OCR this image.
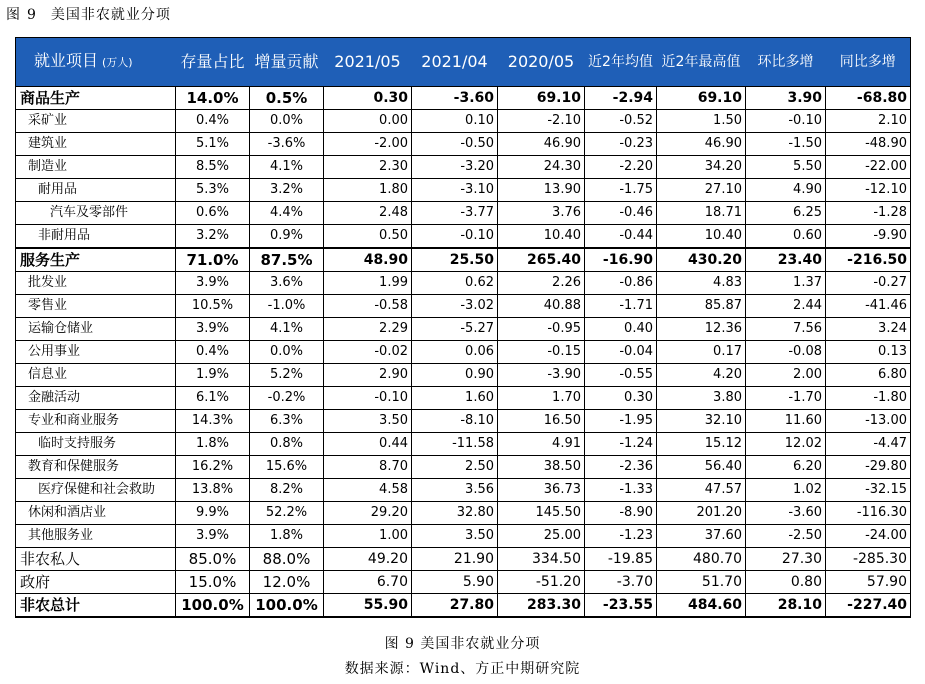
图 9 美国非农就业分项
就业项目 (万人)	存量占比	增量贡献	2021/05	2021/04	2020/05	近2年均值	近2年最高值	环比多增	同比多增
商品生产	14.0%	0.5%	0.30	-3.60	69.10	-2.94	69.10	3.90	-68.80
采矿业	0.4%	0.0%	0.00	0.10	-2.10	-0.52	1.50	-0.10	2.10
建筑业	5.1%	-3.6%	-2.00	-0.50	46.90	-0.23	46.90	-1.50	-48.90
制造业	8.5%	4.1%	2.30	-3.20	24.30	-2.20	34.20	5.50	-22.00
耐用品	5.3%	3.2%	1.80	-3.10	13.90	-1.75	27.10	4.90	-12.10
汽车及零部件	0.6%	4.4%	2.48	-3.77	3.76	-0.46	18.71	6.25	-1.28
非耐用品	3.2%	0.9%	0.50	-0.10	10.40	-0.44	10.40	0.60	-9.90
服务生产	71.0%	87.5%	48.90	25.50	265.40	-16.90	430.20	23.40	-216.50
批发业	3.9%	3.6%	1.99	0.62	2.26	-0.86	4.83	1.37	-0.27
零售业	10.5%	-1.0%	-0.58	-3.02	40.88	-1.71	85.87	2.44	-41.46
运输仓储业	3.9%	4.1%	2.29	-5.27	-0.95	0.40	12.36	7.56	3.24
公用事业	0.4%	0.0%	-0.02	0.06	-0.15	-0.04	0.17	-0.08	0.13
信息业	1.9%	5.2%	2.90	0.90	-3.90	-0.55	4.20	2.00	6.80
金融活动	6.1%	-0.2%	-0.10	1.60	1.70	0.30	3.80	-1.70	-1.80
专业和商业服务	14.3%	6.3%	3.50	-8.10	16.50	-1.95	32.10	11.60	-13.00
临时支持服务	1.8%	0.8%	0.44	-11.58	4.91	-1.24	15.12	12.02	-4.47
教育和保健服务	16.2%	15.6%	8.70	2.50	38.50	-2.36	56.40	6.20	-29.80
医疗保健和社会救助	13.8%	8.2%	4.58	3.56	36.73	-1.33	47.57	1.02	-32.15
休闲和酒店业	9.9%	52.2%	29.20	32.80	145.50	-8.90	201.20	-3.60	-116.30
其他服务业	3.9%	1.8%	1.00	3.50	25.00	-1.23	37.60	-2.50	-24.00
非农私人	85.0%	88.0%	49.20	21.90	334.50	-19.85	480.70	27.30	-285.30
政府	15.0%	12.0%	6.70	5.90	-51.20	-3.70	51.70	0.80	57.90
非农总计	100.0%	100.0%	55.90	27.80	283.30	-23.55	484.60	28.10	-227.40
图 9 美国非农就业分项
数据来源：Wind、方正中期研究院
